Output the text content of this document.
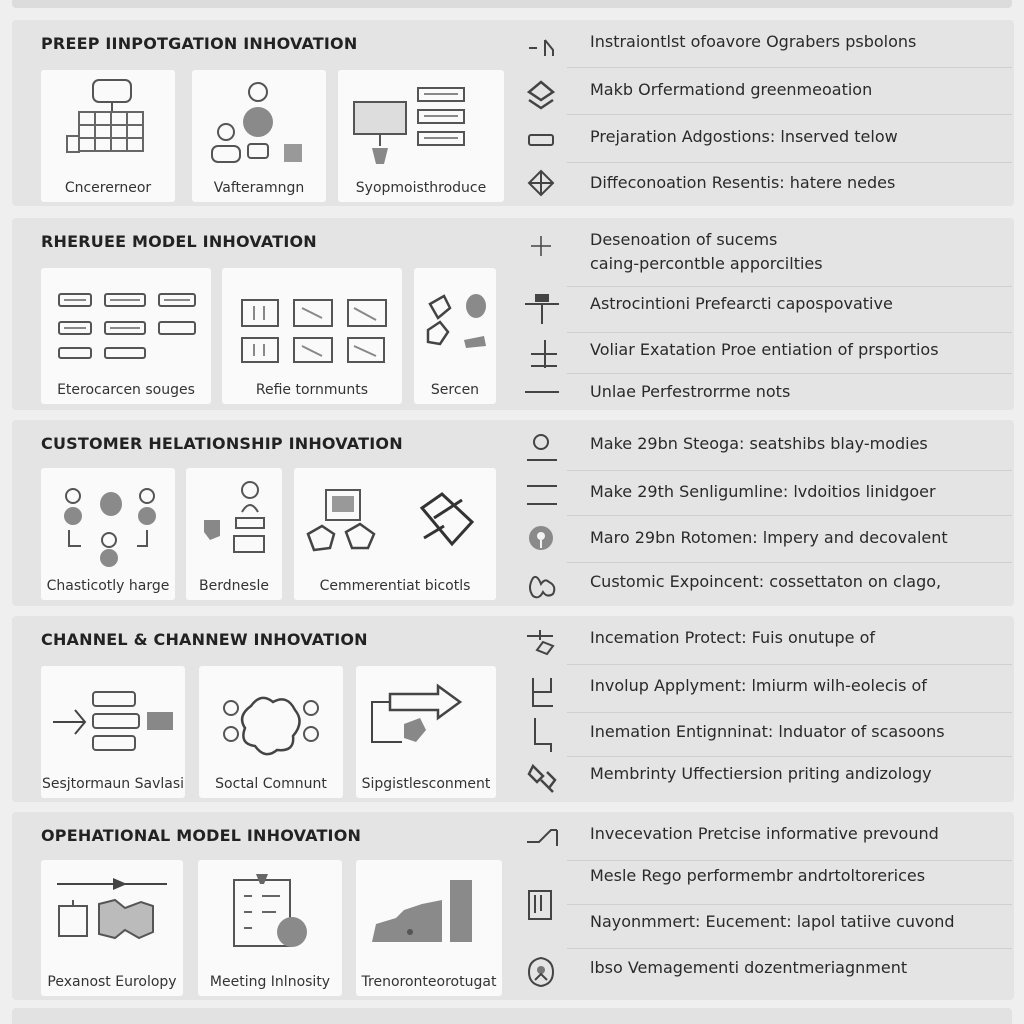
PREEP IINPOTGATION INHOVATION
Cncererneor	Vafteramngn	Syopmoisthroduce
Instraiontlst ofoavore Ograbers psbolons
Makb Orfermationd greenmeoation
Prejaration Adgostions: lnserved telow
Diffeconoation Resentis: hatere nedes
RHERUEE MODEL INHOVATION
Eterocarcen souges	Refie tornmunts	Sercen
Desenoation of sucems
caing-percontble apporcilties
Astrocintioni Prefearcti capospovative
Voliar Exatation Proe entiation of prsportios
Unlae Perfestrorrme nots
CUSTOMER HELATIONSHIP INHOVATION
Chasticotly harge	Berdnesle	Cemmerentiat bicotls
Make 29bn Steoga: seatshibs blay-modies
Make 29th Senligumline: lvdoitios linidgoer
Maro 29bn Rotomen: lmpery and decovalent
Customic Expoincent: cossettaton on clago,
CHANNEL & CHANNEW INHOVATION
Sesjtormaun Savlasi	Soctal Comnunt	Sipgistlesconment
Incemation Protect: Fuis onutupe of
Involup Applyment: lmiurm wilh-eolecis of
Inemation Entignninat: lnduator of scasoons
Membrinty Uffectiersion priting andizology
OPEHATIONAL MODEL INHOVATION
Pexanost Eurolopy	Meeting Inlnosity	Trenoronteorotugat
Invecevation Pretcise informative prevound
Mesle Rego performembr andrtoltorerices
Nayonmmert: Eucement: lapol tatiive cuvond
lbso Vemagementi dozentmeriagnment
